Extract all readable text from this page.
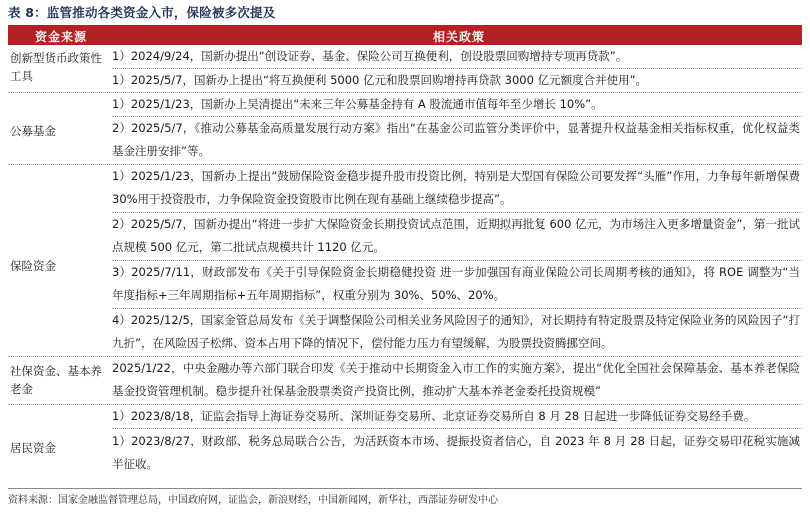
表 8：监管推动各类资金入市，保险被多次提及
资金来源	相关政策
创新型货币政策性工具
1）2024/9/24，国新办提出“创设证券、基金、保险公司互换便利，创设股票回购增持专项再贷款”。
1）2025/5/7，国新办上提出“将互换便利 5000 亿元和股票回购增持再贷款 3000 亿元额度合并使用”。
公募基金
1）2025/1/23，国新办上吴清提出“未来三年公募基金持有 A 股流通市值每年至少增长 10%”。
2）2025/5/7，《推动公募基金高质量发展行动方案》指出“在基金公司监管分类评价中，显著提升权益基金相关指标权重，优化权益类基金注册安排”等。
保险资金
1）2025/1/23，国新办上提出“鼓励保险资金稳步提升股市投资比例，特别是大型国有保险公司要发挥“头雁”作用，力争每年新增保费 30%用于投资股市，力争保险资金投资股市比例在现有基础上继续稳步提高”。
2）2025/5/7，国新办提出“将进一步扩大保险资金长期投资试点范围，近期拟再批复 600 亿元，为市场注入更多增量资金”，第一批试点规模 500 亿元，第二批试点规模共计 1120 亿元。
3）2025/7/11，财政部发布《关于引导保险资金长期稳健投资 进一步加强国有商业保险公司长周期考核的通知》，将 ROE 调整为“当年度指标+三年周期指标+五年周期指标”，权重分别为 30%、50%、20%。
4）2025/12/5，国家金管总局发布《关于调整保险公司相关业务风险因子的通知》，对长期持有特定股票及特定保险业务的风险因子“打九折”，在风险因子松绑、资本占用下降的情况下，偿付能力压力有望缓解，为股票投资腾挪空间。
社保资金、基本养老金
2025/1/22，中央金融办等六部门联合印发《关于推动中长期资金入市工作的实施方案》，提出“优化全国社会保障基金、基本养老保险基金投资管理机制。稳步提升社保基金股票类资产投资比例，推动扩大基本养老金委托投资规模”
居民资金
1）2023/8/18，证监会指导上海证券交易所、深圳证券交易所、北京证券交易所自 8 月 28 日起进一步降低证券交易经手费。
1）2023/8/27，财政部、税务总局联合公告，为活跃资本市场、提振投资者信心，自 2023 年 8 月 28 日起，证券交易印花税实施减半征收。
资料来源：国家金融监督管理总局，中国政府网，证监会，新浪财经，中国新闻网，新华社，西部证券研发中心
